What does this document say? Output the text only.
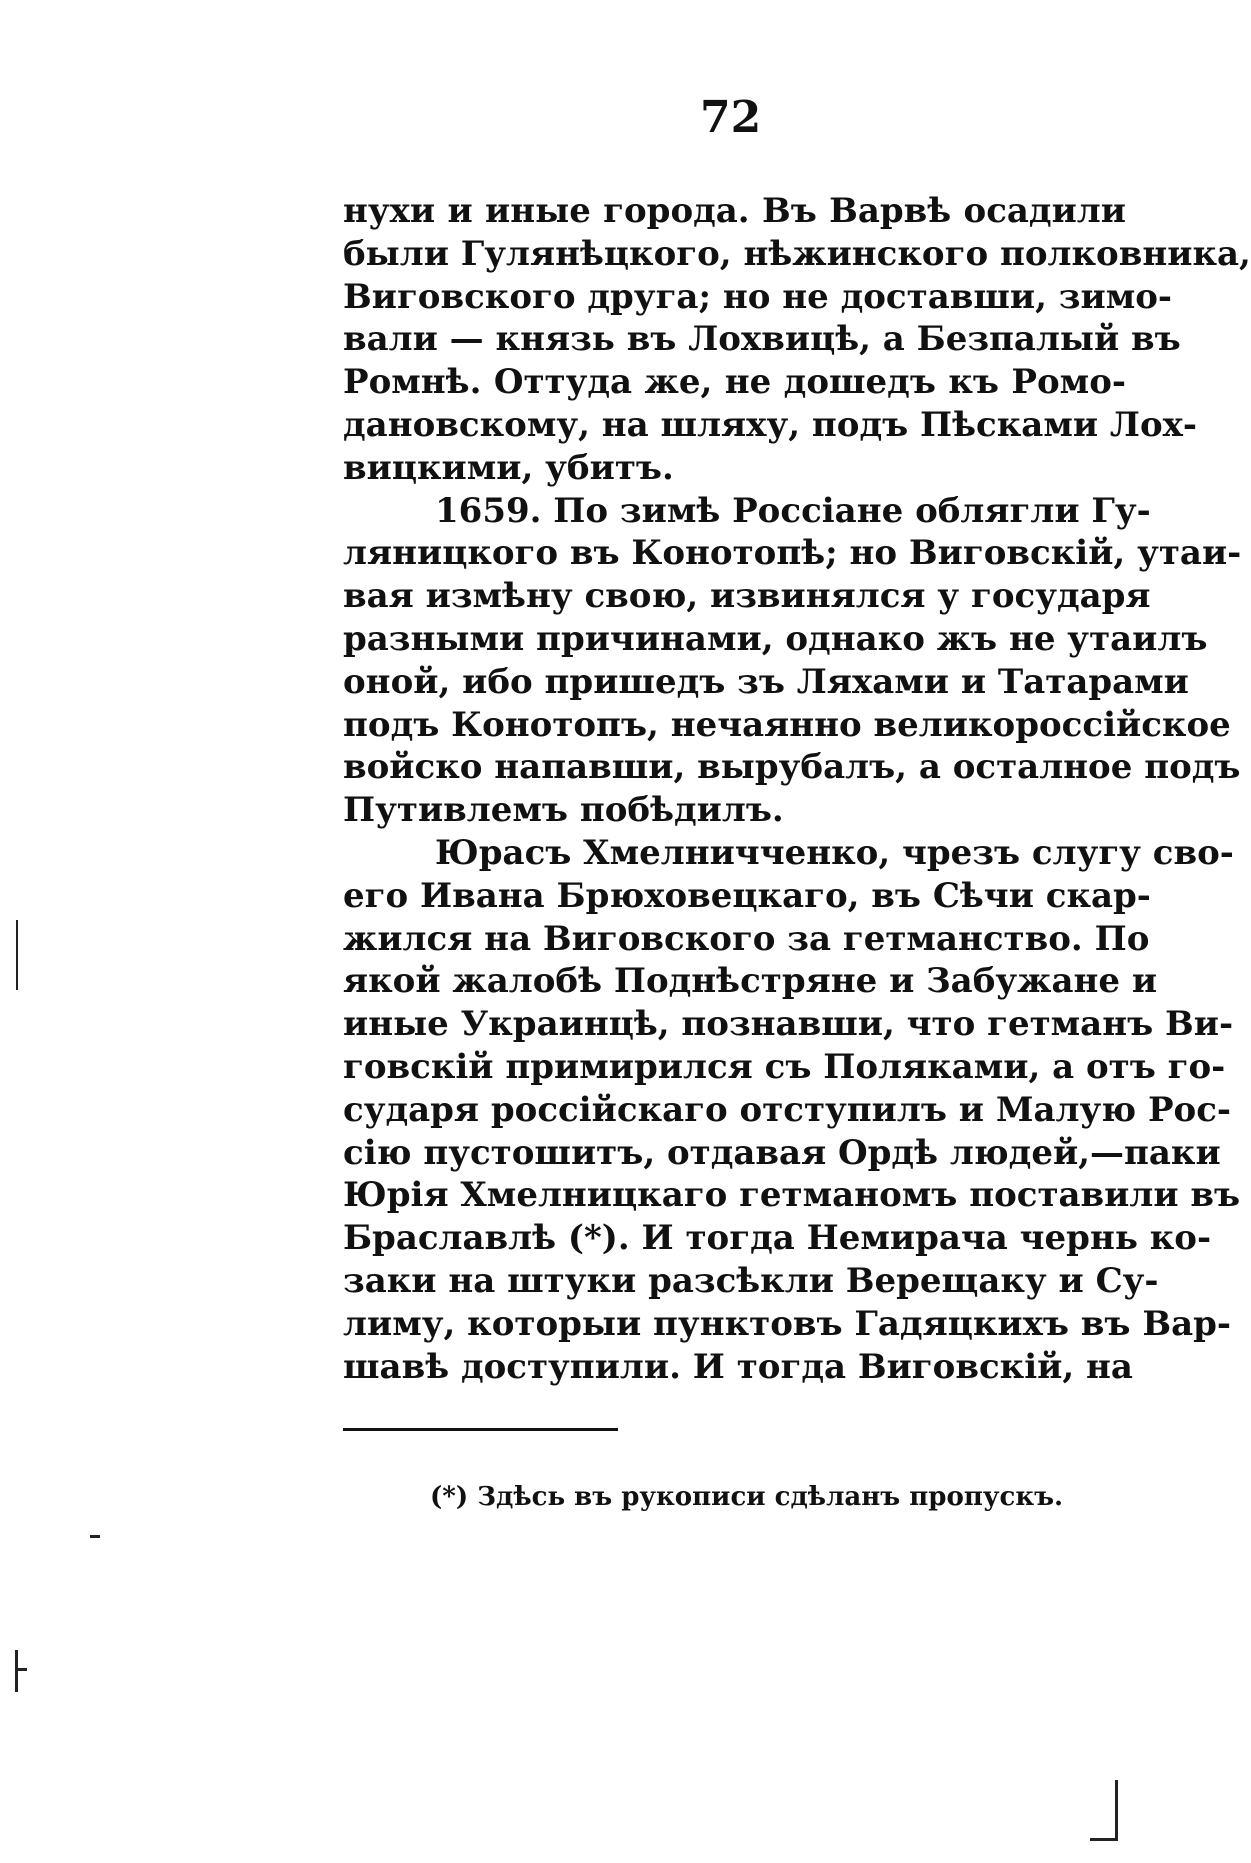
72
нухи и иные города. Въ Варвѣ осадили
были Гулянѣцкого, нѣжинского полковника,
Виговского друга; но не доставши, зимо-
вали — князь въ Лохвицѣ, а Безпалый въ
Ромнѣ. Оттуда же, не дошедъ къ Ромо-
дановскому, на шляху, подъ Пѣсками Лох-
вицкими, убитъ.
1659. По зимѣ Россіане облягли Гу-
ляницкого въ Конотопѣ; но Виговскій, утаи-
вая измѣну свою, извинялся у государя
разными причинами, однако жъ не утаилъ
оной, ибо пришедъ зъ Ляхами и Татарами
подъ Конотопъ, нечаянно великороссійское
войско напавши, вырубалъ, а осталное подъ
Путивлемъ побѣдилъ.
Юрасъ Хмелничченко, чрезъ слугу сво-
его Ивана Брюховецкаго, въ Сѣчи скар-
жился на Виговского за гетманство. По
якой жалобѣ Поднѣстряне и Забужане и
иные Украинцѣ, познавши, что гетманъ Ви-
говскій примирился съ Поляками, а отъ го-
сударя россійскаго отступилъ и Малую Рос-
сію пустошитъ, отдавая Ордѣ людей,—паки
Юрія Хмелницкаго гетманомъ поставили въ
Браславлѣ (*). И тогда Немирача чернь ко-
заки на штуки разсѣкли Верещаку и Су-
лиму, которыи пунктовъ Гадяцкихъ въ Вар-
шавѣ доступили. И тогда Виговскій, на
(*) Здѣсь въ рукописи сдѣланъ пропускъ.
